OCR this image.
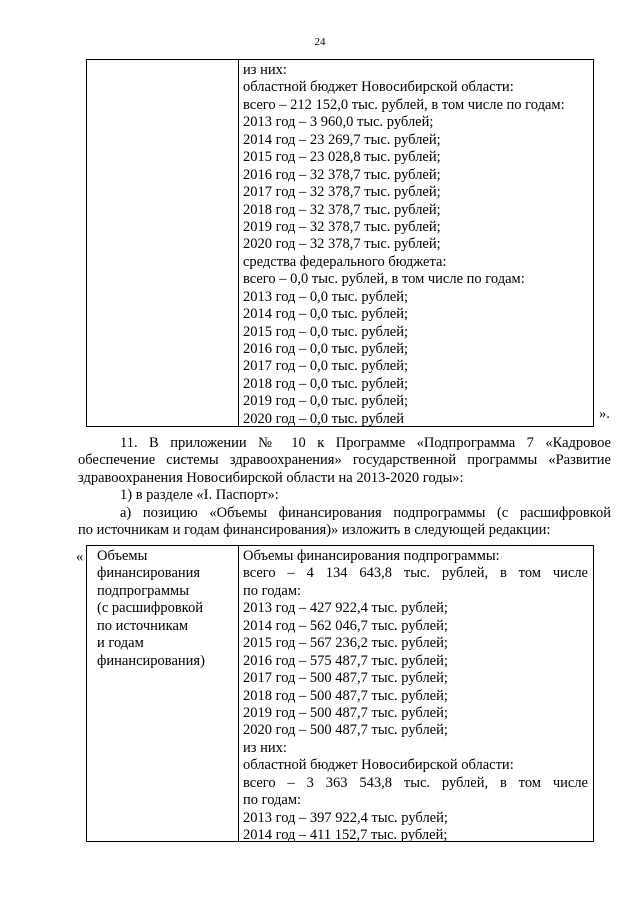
24
из них:
областной бюджет Новосибирской области:
всего – 212 152,0 тыс. рублей, в том числе по годам:
2013 год – 3 960,0 тыс. рублей;
2014 год – 23 269,7 тыс. рублей;
2015 год – 23 028,8 тыс. рублей;
2016 год – 32 378,7 тыс. рублей;
2017 год – 32 378,7 тыс. рублей;
2018 год – 32 378,7 тыс. рублей;
2019 год – 32 378,7 тыс. рублей;
2020 год – 32 378,7 тыс. рублей;
средства федерального бюджета:
всего – 0,0 тыс. рублей, в том числе по годам:
2013 год – 0,0 тыс. рублей;
2014 год – 0,0 тыс. рублей;
2015 год – 0,0 тыс. рублей;
2016 год – 0,0 тыс. рублей;
2017 год – 0,0 тыс. рублей;
2018 год – 0,0 тыс. рублей;
2019 год – 0,0 тыс. рублей;
2020 год – 0,0 тыс. рублей	».
11. В приложении № 10 к Программе «Подпрограмма 7 «Кадровое
обеспечение системы здравоохранения» государственной программы «Развитие
здравоохранения Новосибирской области на 2013-2020 годы»:
1) в разделе «I. Паспорт»:
а) позицию «Объемы финансирования подпрограммы (с расшифровкой
по источникам и годам финансирования)» изложить в следующей редакции:
« Объемы
финансирования
подпрограммы
(с расшифровкой
по источникам
и годам
финансирования)
Объемы финансирования подпрограммы:
всего – 4 134 643,8 тыс. рублей, в том числе
по годам:
2013 год – 427 922,4 тыс. рублей;
2014 год – 562 046,7 тыс. рублей;
2015 год – 567 236,2 тыс. рублей;
2016 год – 575 487,7 тыс. рублей;
2017 год – 500 487,7 тыс. рублей;
2018 год – 500 487,7 тыс. рублей;
2019 год – 500 487,7 тыс. рублей;
2020 год – 500 487,7 тыс. рублей;
из них:
областной бюджет Новосибирской области:
всего – 3 363 543,8 тыс. рублей, в том числе
по годам:
2013 год – 397 922,4 тыс. рублей;
2014 год – 411 152,7 тыс. рублей;
